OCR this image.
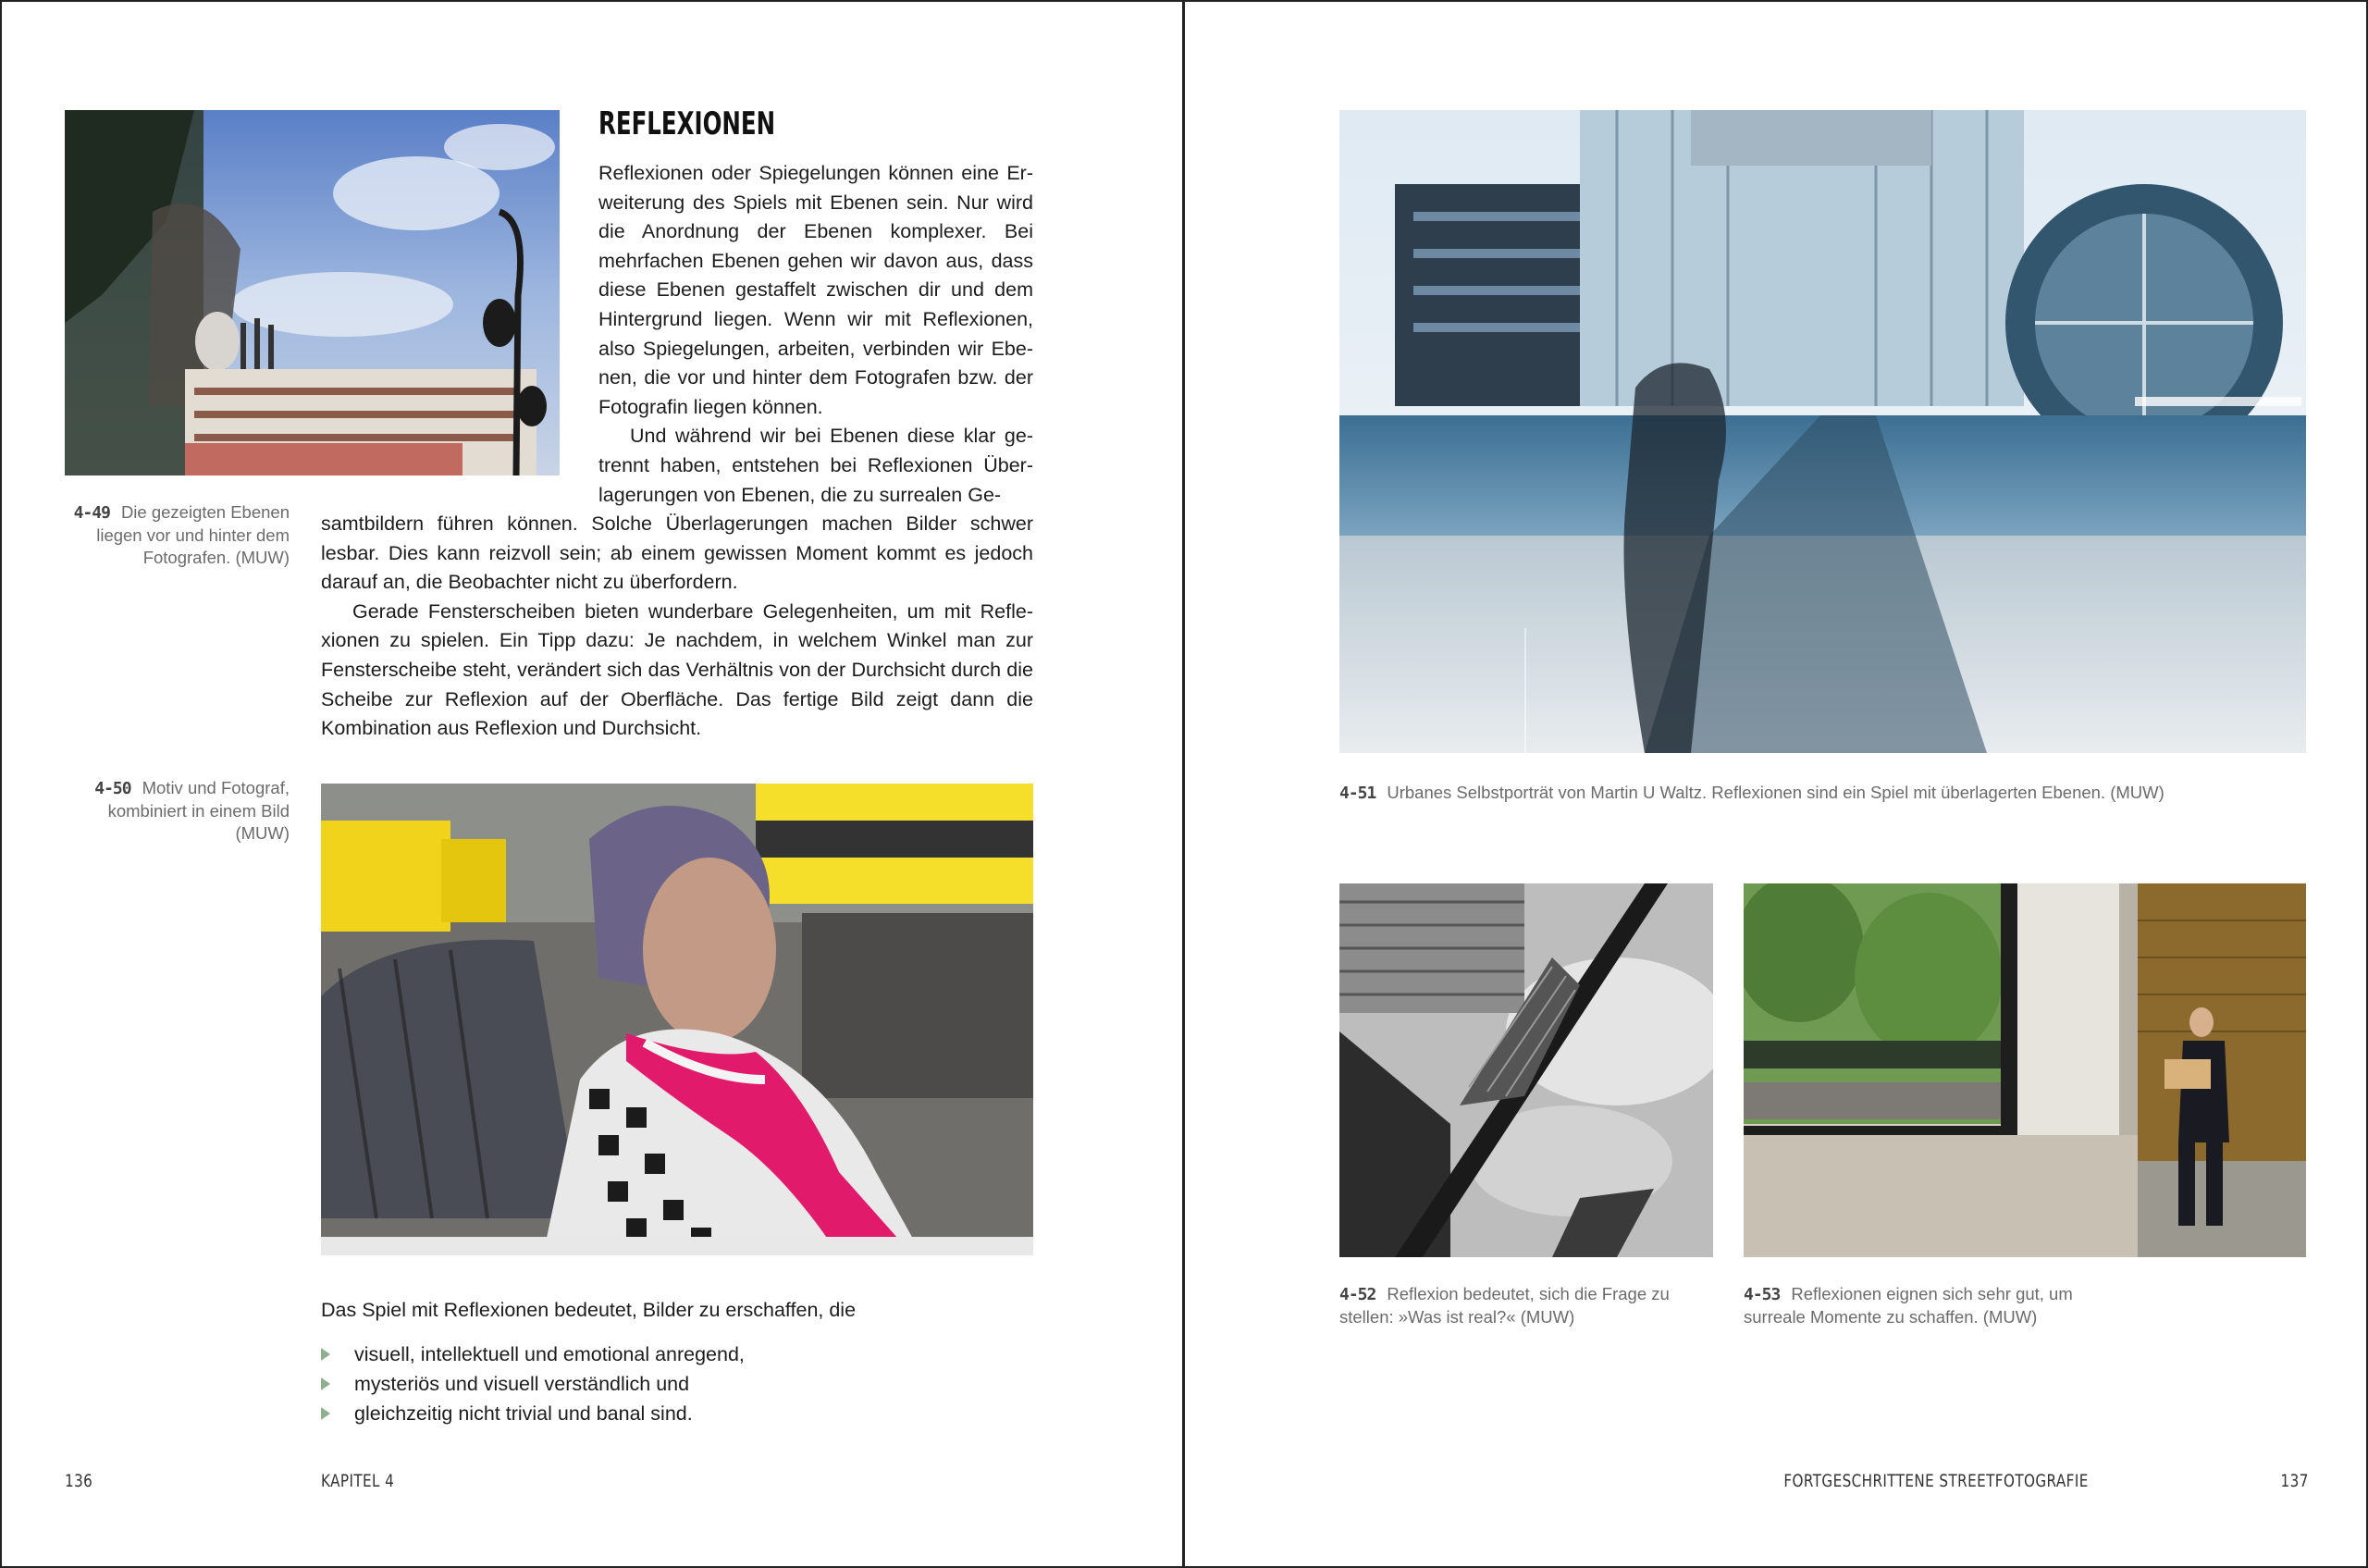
REFLEXIONEN

Reflexionen oder Spiegelungen können eine Erweiterung des Spiels mit Ebenen sein. Nur wird die Anordnung der Ebenen komplexer. Bei mehrfachen Ebenen gehen wir davon aus, dass diese Ebenen gestaffelt zwischen dir und dem Hintergrund liegen. Wenn wir mit Reflexionen, also Spiegelungen, arbeiten, verbinden wir Ebenen, die vor und hinter dem Fotografen bzw. der Fotografin liegen können.

Und während wir bei Ebenen diese klar getrennt haben, entstehen bei Reflexionen Überlagerungen von Ebenen, die zu surrealen Ge-

samtbildern führen können. Solche Überlagerungen machen Bilder schwer lesbar. Dies kann reizvoll sein; ab einem gewissen Moment kommt es jedoch darauf an, die Beobachter nicht zu überfordern.

Gerade Fensterscheiben bieten wunderbare Gelegenheiten, um mit Reflexionen zu spielen. Ein Tipp dazu: Je nachdem, in welchem Winkel man zur Fensterscheibe steht, verändert sich das Verhältnis von der Durchsicht durch die Scheibe zur Reflexion auf der Oberfläche. Das fertige Bild zeigt dann die Kombination aus Reflexion und Durchsicht.

4-49 Die gezeigten Ebenen liegen vor und hinter dem Fotografen. (MUW)
4-50 Motiv und Fotograf, kombiniert in einem Bild (MUW)
Das Spiel mit Reflexionen bedeutet, Bilder zu erschaffen, die
visuell, intellektuell und emotional anregend,
mysteriös und visuell verständlich und
gleichzeitig nicht trivial und banal sind.
136	KAPITEL 4
4-51 Urbanes Selbstporträt von Martin U Waltz. Reflexionen sind ein Spiel mit überlagerten Ebenen. (MUW)
4-52 Reflexion bedeutet, sich die Frage zu stellen: »Was ist real?« (MUW)
4-53 Reflexionen eignen sich sehr gut, um surreale Momente zu schaffen. (MUW)
FORTGESCHRITTENE STREETFOTOGRAFIE	137
